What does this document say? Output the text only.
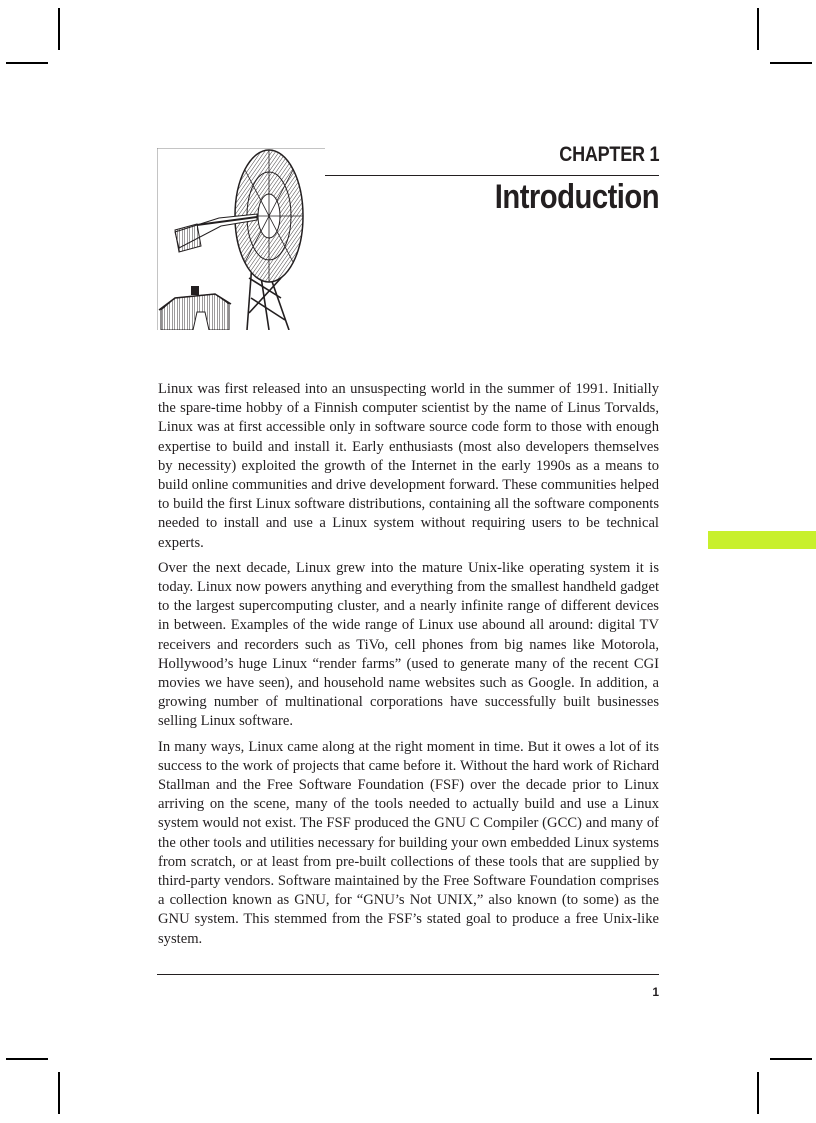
CHAPTER 1
Introduction

Linux was first released into an unsuspecting world in the summer of 1991. Initially the spare-time hobby of a Finnish computer scientist by the name of Linus Torvalds, Linux was at first accessible only in software source code form to those with enough expertise to build and install it. Early enthusiasts (most also developers themselves by necessity) exploited the growth of the Internet in the early 1990s as a means to build online communities and drive development forward. These communities helped to build the first Linux software distributions, containing all the software components needed to install and use a Linux system without requiring users to be technical experts.

Over the next decade, Linux grew into the mature Unix-like operating system it is today. Linux now powers anything and everything from the smallest handheld gadget to the largest supercomputing cluster, and a nearly infinite range of different devices in between. Examples of the wide range of Linux use abound all around: digital TV receivers and recorders such as TiVo, cell phones from big names like Motorola, Hollywood’s huge Linux “render farms” (used to generate many of the recent CGI movies we have seen), and household name websites such as Google. In addition, a growing number of multinational corporations have successfully built businesses selling Linux software.

In many ways, Linux came along at the right moment in time. But it owes a lot of its success to the work of projects that came before it. Without the hard work of Richard Stallman and the Free Software Foundation (FSF) over the decade prior to Linux arriving on the scene, many of the tools needed to actually build and use a Linux system would not exist. The FSF produced the GNU C Compiler (GCC) and many of the other tools and utilities necessary for building your own embedded Linux systems from scratch, or at least from pre-built collections of these tools that are supplied by third-party vendors. Software maintained by the Free Software Foundation comprises a collection known as GNU, for “GNU’s Not UNIX,” also known (to some) as the GNU system. This stemmed from the FSF’s stated goal to produce a free Unix-like system.

1
